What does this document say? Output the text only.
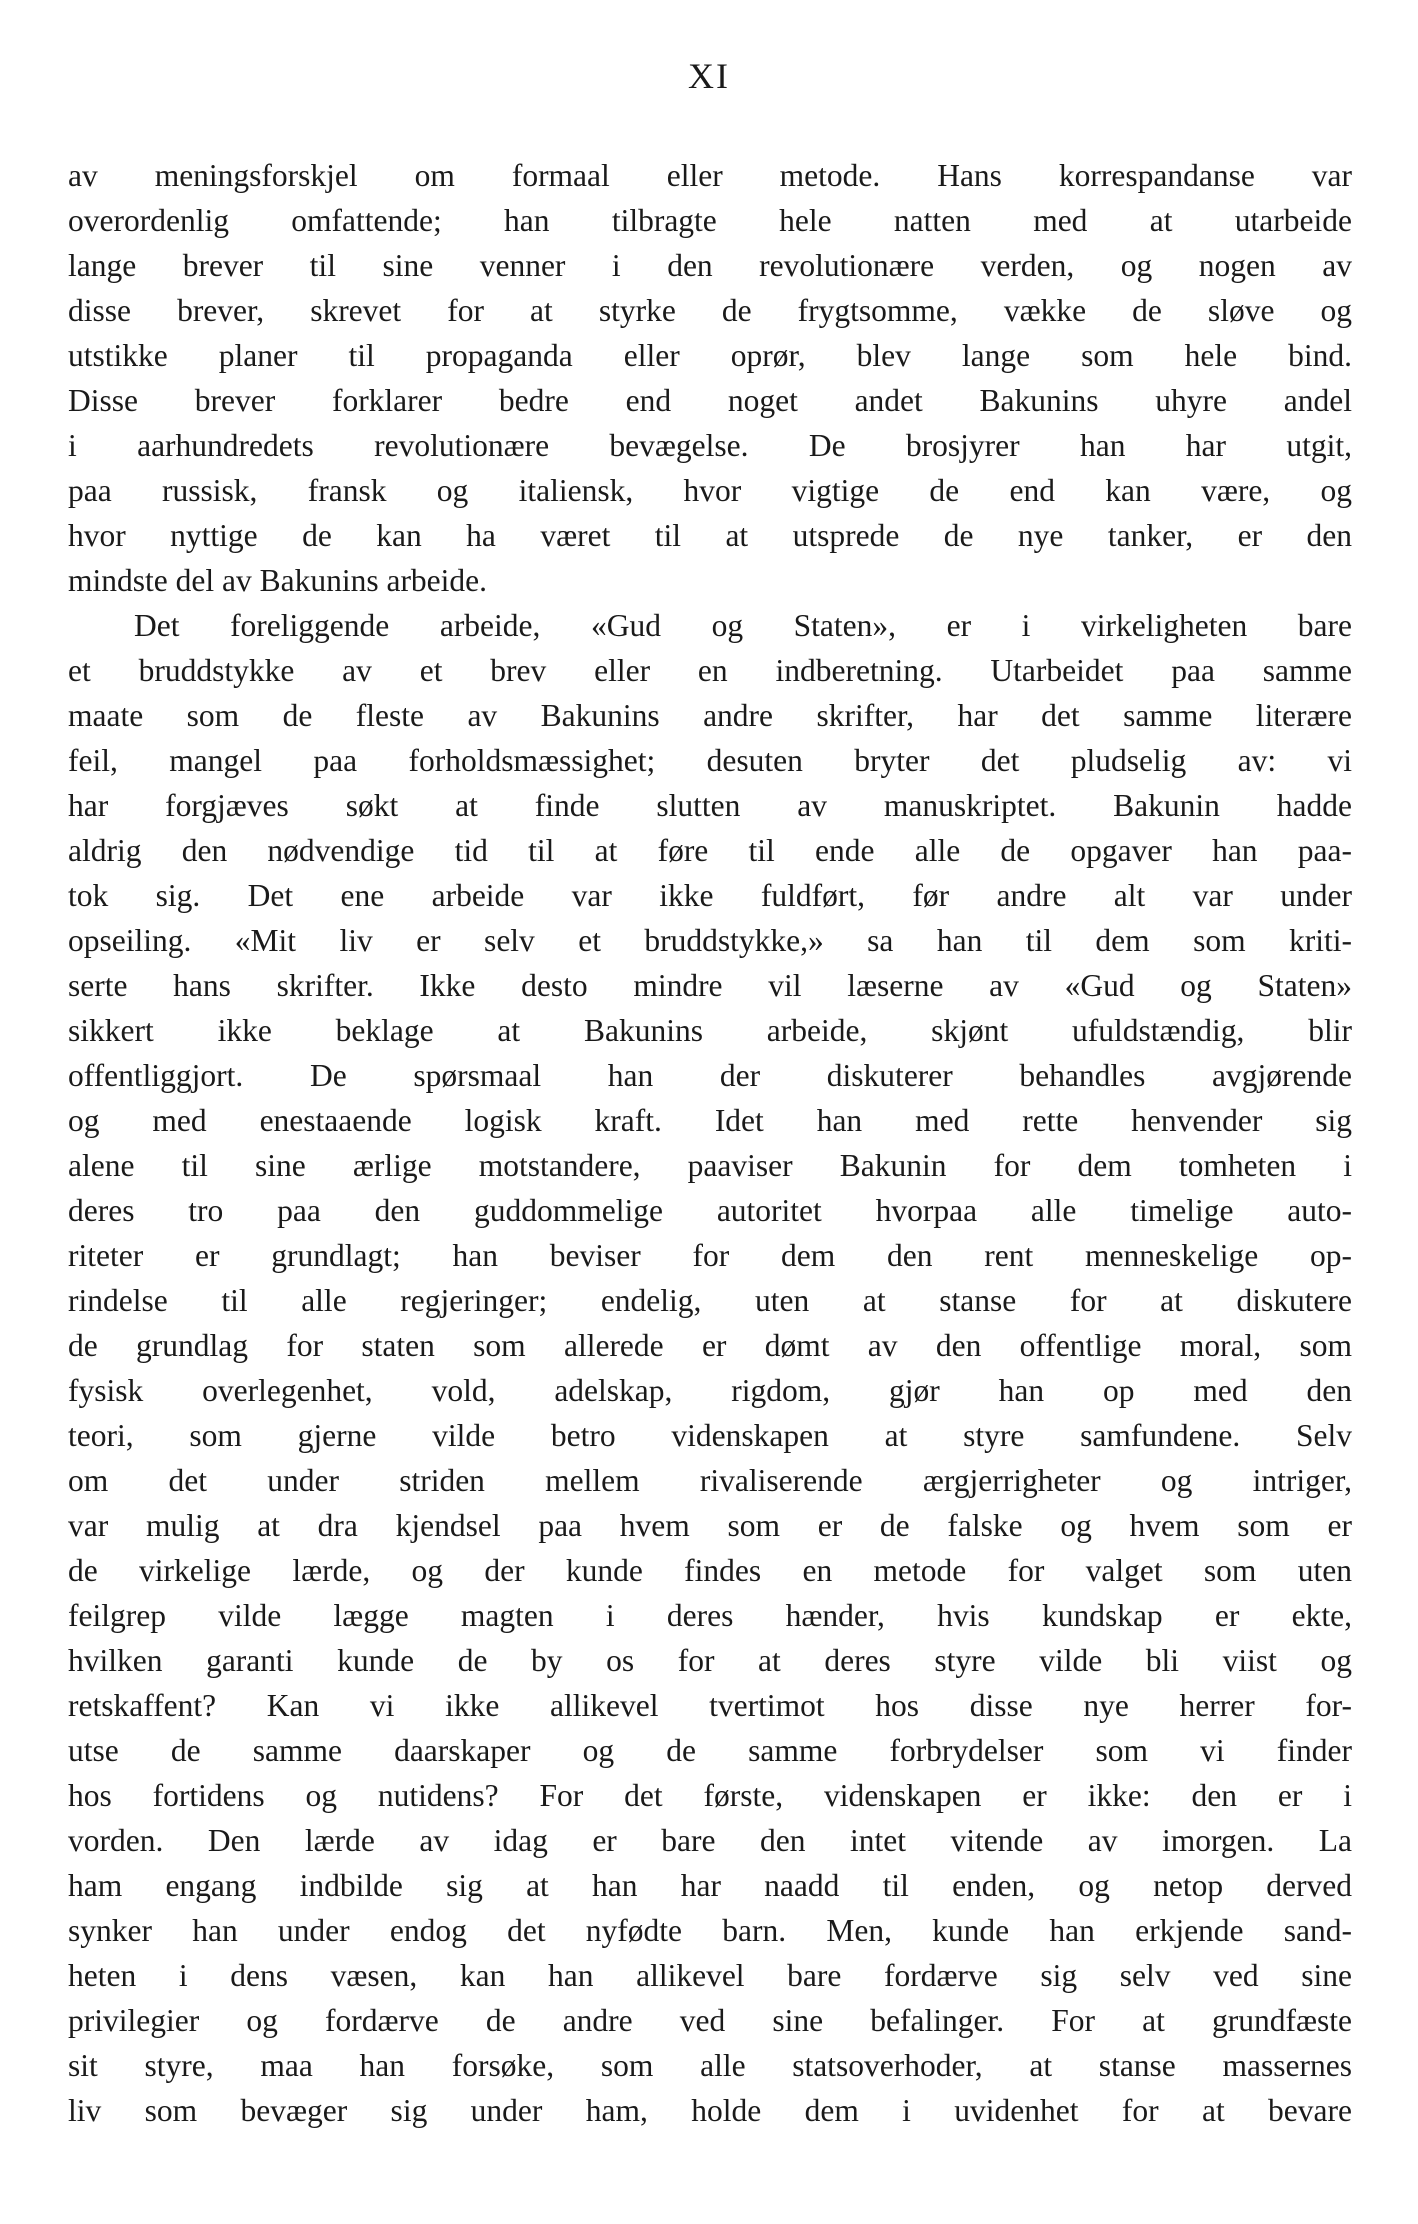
XI
av meningsforskjel om formaal eller metode. Hans korrespandanse var
overordenlig omfattende; han tilbragte hele natten med at utarbeide
lange brever til sine venner i den revolutionære verden, og nogen av
disse brever, skrevet for at styrke de frygtsomme, vække de sløve og
utstikke planer til propaganda eller oprør, blev lange som hele bind.
Disse brever forklarer bedre end noget andet Bakunins uhyre andel
i aarhundredets revolutionære bevægelse. De brosjyrer han har utgit,
paa russisk, fransk og italiensk, hvor vigtige de end kan være, og
hvor nyttige de kan ha været til at utsprede de nye tanker, er den
mindste del av Bakunins arbeide.
Det foreliggende arbeide, «Gud og Staten», er i virkeligheten bare
et bruddstykke av et brev eller en indberetning. Utarbeidet paa samme
maate som de fleste av Bakunins andre skrifter, har det samme literære
feil, mangel paa forholdsmæssighet; desuten bryter det pludselig av: vi
har forgjæves søkt at finde slutten av manuskriptet. Bakunin hadde
aldrig den nødvendige tid til at føre til ende alle de opgaver han paa-
tok sig. Det ene arbeide var ikke fuldført, før andre alt var under
opseiling. «Mit liv er selv et bruddstykke,» sa han til dem som kriti-
serte hans skrifter. Ikke desto mindre vil læserne av «Gud og Staten»
sikkert ikke beklage at Bakunins arbeide, skjønt ufuldstændig, blir
offentliggjort. De spørsmaal han der diskuterer behandles avgjørende
og med enestaaende logisk kraft. Idet han med rette henvender sig
alene til sine ærlige motstandere, paaviser Bakunin for dem tomheten i
deres tro paa den guddommelige autoritet hvorpaa alle timelige auto-
riteter er grundlagt; han beviser for dem den rent menneskelige op-
rindelse til alle regjeringer; endelig, uten at stanse for at diskutere
de grundlag for staten som allerede er dømt av den offentlige moral, som
fysisk overlegenhet, vold, adelskap, rigdom, gjør han op med den
teori, som gjerne vilde betro videnskapen at styre samfundene. Selv
om det under striden mellem rivaliserende ærgjerrigheter og intriger,
var mulig at dra kjendsel paa hvem som er de falske og hvem som er
de virkelige lærde, og der kunde findes en metode for valget som uten
feilgrep vilde lægge magten i deres hænder, hvis kundskap er ekte,
hvilken garanti kunde de by os for at deres styre vilde bli viist og
retskaffent? Kan vi ikke allikevel tvertimot hos disse nye herrer for-
utse de samme daarskaper og de samme forbrydelser som vi finder
hos fortidens og nutidens? For det første, videnskapen er ikke: den er i
vorden. Den lærde av idag er bare den intet vitende av imorgen. La
ham engang indbilde sig at han har naadd til enden, og netop derved
synker han under endog det nyfødte barn. Men, kunde han erkjende sand-
heten i dens væsen, kan han allikevel bare fordærve sig selv ved sine
privilegier og fordærve de andre ved sine befalinger. For at grundfæste
sit styre, maa han forsøke, som alle statsoverhoder, at stanse massernes
liv som bevæger sig under ham, holde dem i uvidenhet for at bevare
